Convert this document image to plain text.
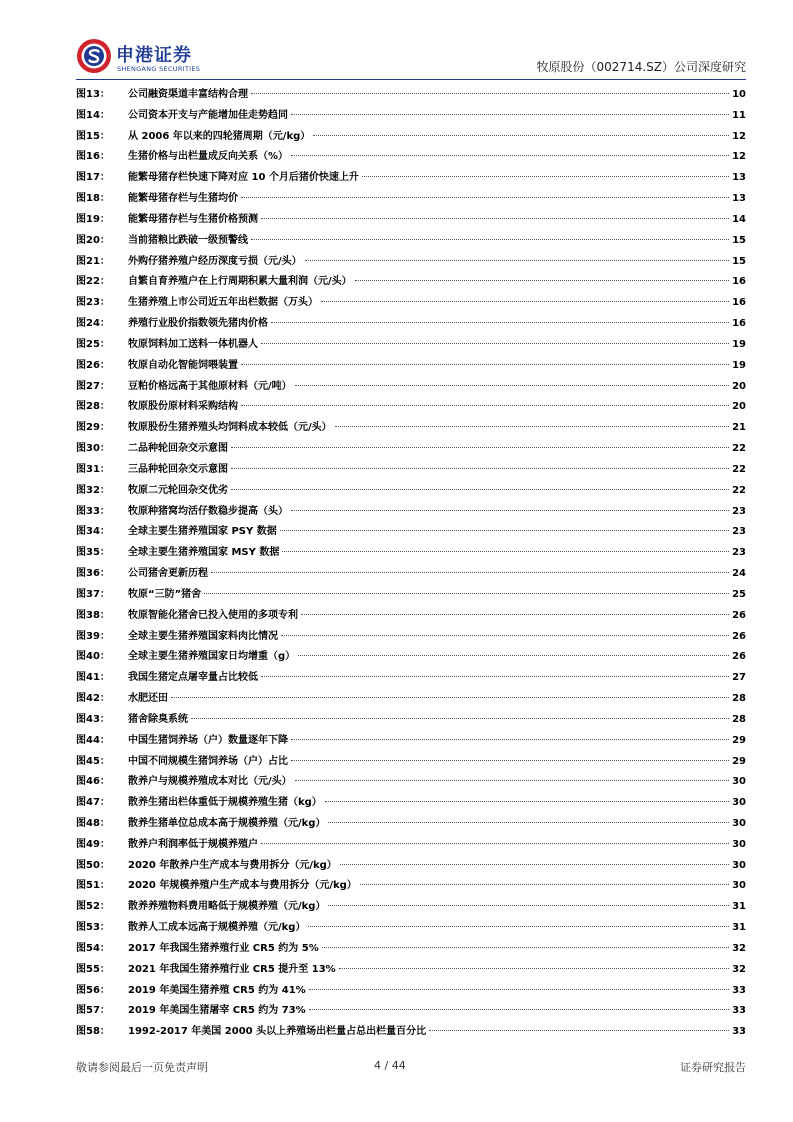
申港证券
SHENGANG SECURITIES	牧原股份（002714.SZ）公司深度研究
图13：	公司融资渠道丰富结构合理	10
图14：	公司资本开支与产能增加佳走势趋同	11
图15：	从 2006 年以来的四轮猪周期（元/kg）	12
图16：	生猪价格与出栏量成反向关系（%）	12
图17：	能繁母猪存栏快速下降对应 10 个月后猪价快速上升	13
图18：	能繁母猪存栏与生猪均价	13
图19：	能繁母猪存栏与生猪价格预测	14
图20：	当前猪粮比跌破一级预警线	15
图21：	外购仔猪养殖户经历深度亏损（元/头）	15
图22：	自繁自育养殖户在上行周期积累大量利润（元/头）	16
图23：	生猪养殖上市公司近五年出栏数据（万头）	16
图24：	养殖行业股价指数领先猪肉价格	16
图25：	牧原饲料加工送料一体机器人	19
图26：	牧原自动化智能饲喂装置	19
图27：	豆粕价格远高于其他原材料（元/吨）	20
图28：	牧原股份原材料采购结构	20
图29：	牧原股份生猪养殖头均饲料成本较低（元/头）	21
图30：	二品种轮回杂交示意图	22
图31：	三品种轮回杂交示意图	22
图32：	牧原二元轮回杂交优劣	22
图33：	牧原种猪窝均活仔数稳步提高（头）	23
图34：	全球主要生猪养殖国家 PSY 数据	23
图35：	全球主要生猪养殖国家 MSY 数据	23
图36：	公司猪舍更新历程	24
图37：	牧原“三防”猪舍	25
图38：	牧原智能化猪舍已投入使用的多项专利	26
图39：	全球主要生猪养殖国家料肉比情况	26
图40：	全球主要生猪养殖国家日均增重（g）	26
图41：	我国生猪定点屠宰量占比较低	27
图42：	水肥还田	28
图43：	猪舍除臭系统	28
图44：	中国生猪饲养场（户）数量逐年下降	29
图45：	中国不同规模生猪饲养场（户）占比	29
图46：	散养户与规模养殖成本对比（元/头）	30
图47：	散养生猪出栏体重低于规模养殖生猪（kg）	30
图48：	散养生猪单位总成本高于规模养殖（元/kg）	30
图49：	散养户利润率低于规模养殖户	30
图50：	2020 年散养户生产成本与费用拆分（元/kg）	30
图51：	2020 年规模养殖户生产成本与费用拆分（元/kg）	30
图52：	散养养殖物料费用略低于规模养殖（元/kg）	31
图53：	散养人工成本远高于规模养殖（元/kg）	31
图54：	2017 年我国生猪养殖行业 CR5 约为 5%	32
图55：	2021 年我国生猪养殖行业 CR5 提升至 13%	32
图56：	2019 年美国生猪养殖 CR5 约为 41%	33
图57：	2019 年美国生猪屠宰 CR5 约为 73%	33
图58：	1992-2017 年美国 2000 头以上养殖场出栏量占总出栏量百分比	33
敬请参阅最后一页免责声明	4 / 44	证券研究报告
